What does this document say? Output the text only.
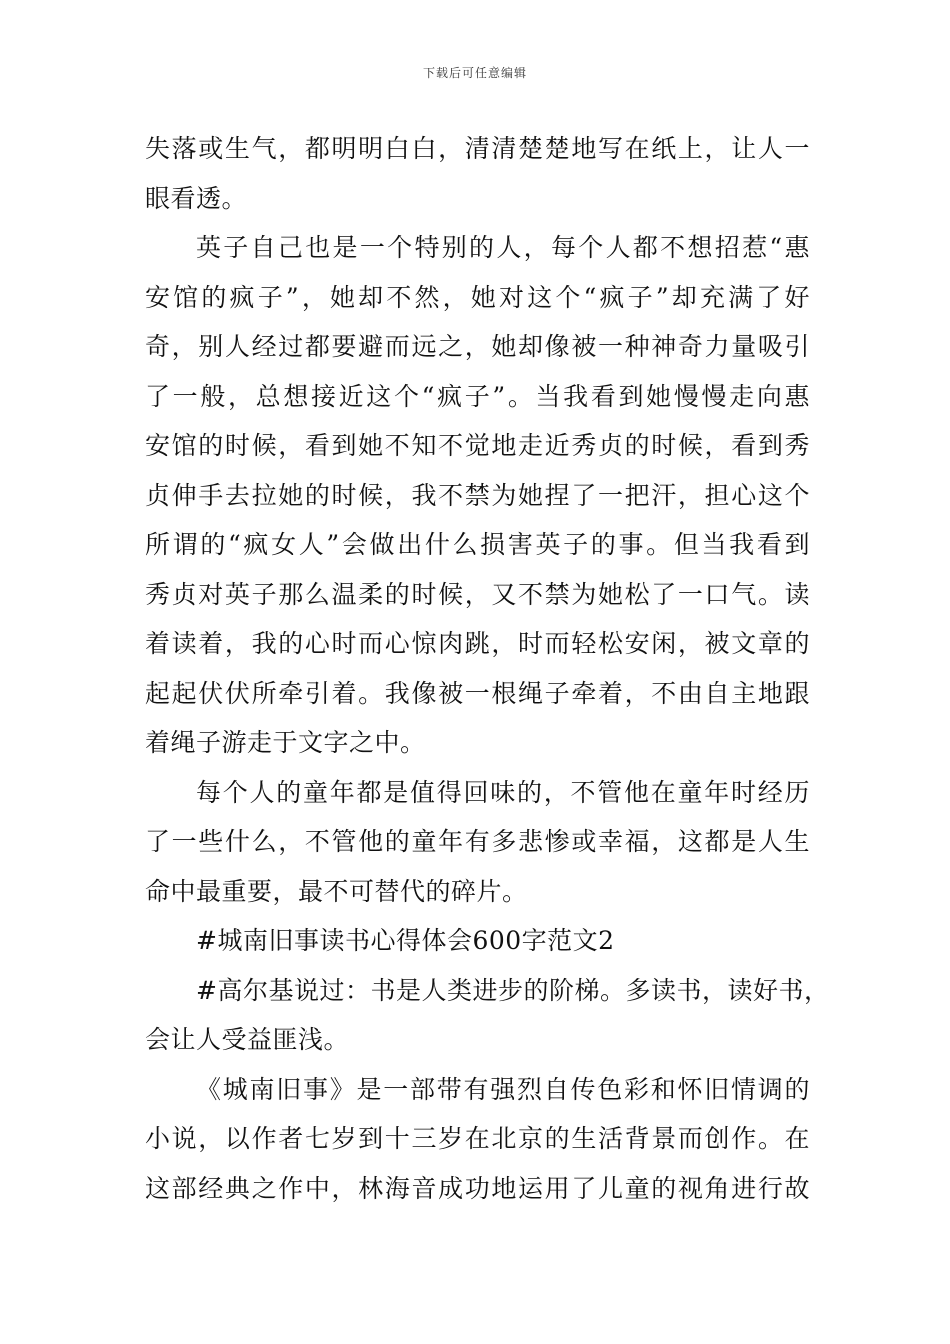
下载后可任意编辑
失落或生气，都明明白白，清清楚楚地写在纸上，让人一
眼看透。
英子自己也是一个特别的人，每个人都不想招惹“惠
安馆的疯子”，她却不然，她对这个“疯子”却充满了好
奇，别人经过都要避而远之，她却像被一种神奇力量吸引
了一般，总想接近这个“疯子”。当我看到她慢慢走向惠
安馆的时候，看到她不知不觉地走近秀贞的时候，看到秀
贞伸手去拉她的时候，我不禁为她捏了一把汗，担心这个
所谓的“疯女人”会做出什么损害英子的事。但当我看到
秀贞对英子那么温柔的时候，又不禁为她松了一口气。读
着读着，我的心时而心惊肉跳，时而轻松安闲，被文章的
起起伏伏所牵引着。我像被一根绳子牵着，不由自主地跟
着绳子游走于文字之中。
每个人的童年都是值得回味的，不管他在童年时经历
了一些什么，不管他的童年有多悲惨或幸福，这都是人生
命中最重要，最不可替代的碎片。
#城南旧事读书心得体会600字范文2
#高尔基说过：书是人类进步的阶梯。多读书，读好书，
会让人受益匪浅。
《城南旧事》是一部带有强烈自传色彩和怀旧情调的
小说，以作者七岁到十三岁在北京的生活背景而创作。在
这部经典之作中，林海音成功地运用了儿童的视角进行故
